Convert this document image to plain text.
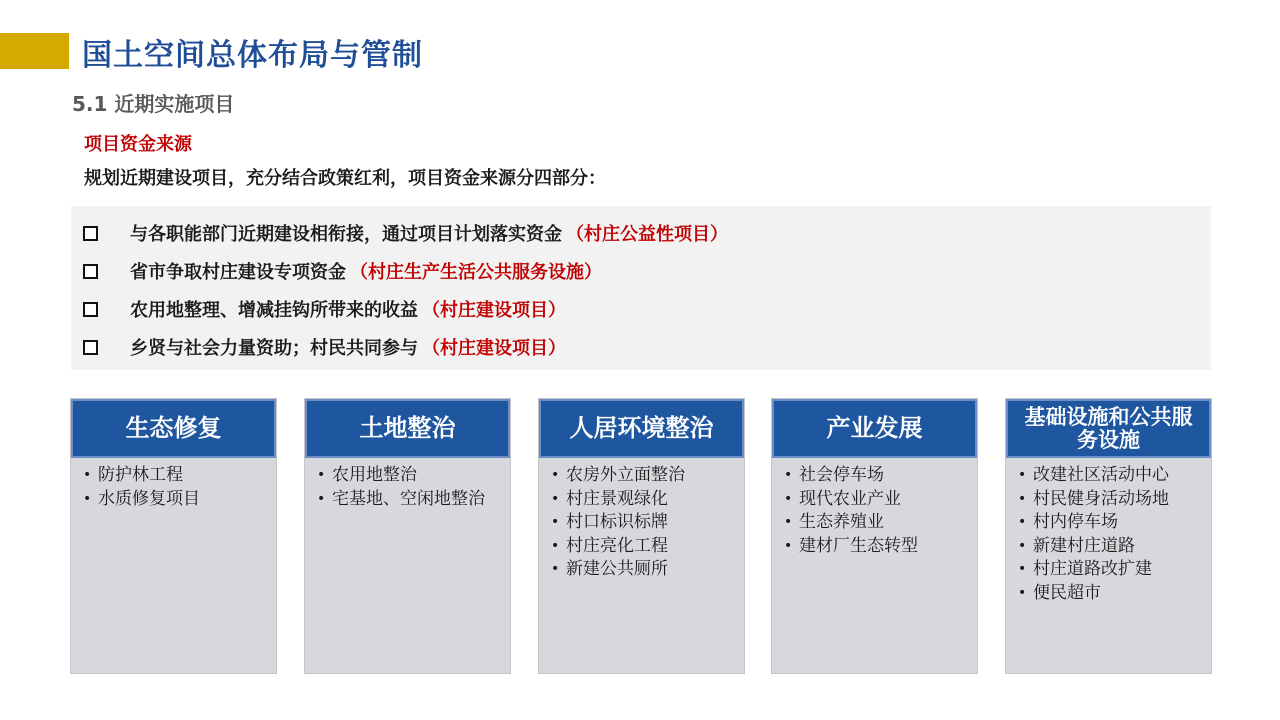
国土空间总体布局与管制
5.1 近期实施项目
项目资金来源
规划近期建设项目，充分结合政策红利，项目资金来源分四部分：
与各职能部门近期建设相衔接，通过项目计划落实资金 （村庄公益性项目）
省市争取村庄建设专项资金 （村庄生产生活公共服务设施）
农用地整理、增减挂钩所带来的收益 （村庄建设项目）
乡贤与社会力量资助；村民共同参与 （村庄建设项目）
生态修复
• 防护林工程
• 水质修复项目
土地整治
• 农用地整治
• 宅基地、空闲地整治
人居环境整治
• 农房外立面整治
• 村庄景观绿化
• 村口标识标牌
• 村庄亮化工程
• 新建公共厕所
产业发展
• 社会停车场
• 现代农业产业
• 生态养殖业
• 建材厂生态转型
基础设施和公共服务设施
• 改建社区活动中心
• 村民健身活动场地
• 村内停车场
• 新建村庄道路
• 村庄道路改扩建
• 便民超市
